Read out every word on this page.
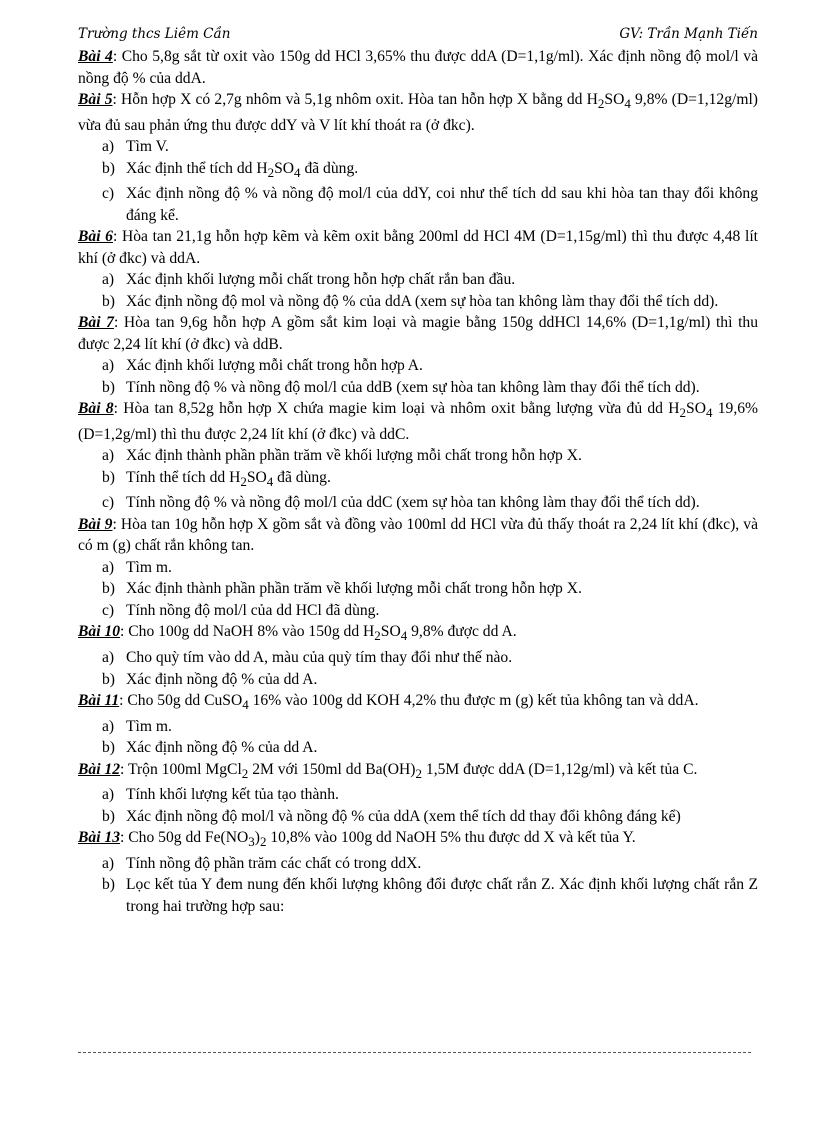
Trường thcs Liêm Cần	GV: Trần Mạnh Tiến

Bài 4: Cho 5,8g sắt từ oxit vào 150g dd HCl 3,65% thu được ddA (D=1,1g/ml). Xác định nồng độ mol/l và nồng độ % của ddA.

Bài 5: Hỗn hợp X có 2,7g nhôm và 5,1g nhôm oxit. Hòa tan hỗn hợp X bằng dd $H_2SO_4$ 9,8% (D=1,12g/ml) vừa đủ sau phản ứng thu được ddY và V lít khí thoát ra (ở đkc).

a) Tìm V.
b) Xác định thể tích dd $H_2SO_4$ đã dùng.
c) Xác định nồng độ % và nồng độ mol/l của ddY, coi như thể tích dd sau khi hòa tan thay đổi không đáng kể.

Bài 6: Hòa tan 21,1g hỗn hợp kẽm và kẽm oxit bằng 200ml dd HCl 4M (D=1,15g/ml) thì thu được 4,48 lít khí (ở đkc) và ddA.

a) Xác định khối lượng mỗi chất trong hỗn hợp chất rắn ban đầu.
b) Xác định nồng độ mol và nồng độ % của ddA (xem sự hòa tan không làm thay đổi thể tích dd).

Bài 7: Hòa tan 9,6g hỗn hợp A gồm sắt kim loại và magie bằng 150g ddHCl 14,6% (D=1,1g/ml) thì thu được 2,24 lít khí (ở đkc) và ddB.

a) Xác định khối lượng mỗi chất trong hỗn hợp A.
b) Tính nồng độ % và nồng độ mol/l của ddB (xem sự hòa tan không làm thay đổi thể tích dd).

Bài 8: Hòa tan 8,52g hỗn hợp X chứa magie kim loại và nhôm oxit bằng lượng vừa đủ dd $H_2SO_4$ 19,6% (D=1,2g/ml) thì thu được 2,24 lít khí (ở đkc) và ddC.

a) Xác định thành phần phần trăm về khối lượng mỗi chất trong hỗn hợp X.
b) Tính thể tích dd $H_2SO_4$ đã dùng.
c) Tính nồng độ % và nồng độ mol/l của ddC (xem sự hòa tan không làm thay đổi thể tích dd).

Bài 9: Hòa tan 10g hỗn hợp X gồm sắt và đồng vào 100ml dd HCl vừa đủ thấy thoát ra 2,24 lít khí (đkc), và có m (g) chất rắn không tan.

a) Tìm m.
b) Xác định thành phần phần trăm về khối lượng mỗi chất trong hỗn hợp X.
c) Tính nồng độ mol/l của dd HCl đã dùng.

Bài 10: Cho 100g dd NaOH 8% vào 150g dd $H_2SO_4$ 9,8% được dd A.

a) Cho quỳ tím vào dd A, màu của quỳ tím thay đổi như thế nào.
b) Xác định nồng độ % của dd A.

Bài 11: Cho 50g dd CuSO$_4$ 16% vào 100g dd KOH 4,2% thu được m (g) kết tủa không tan và ddA.

a) Tìm m.
b) Xác định nồng độ % của dd A.

Bài 12: Trộn 100ml MgCl$_2$ 2M với 150ml dd $Ba(OH)_2$ 1,5M được ddA (D=1,12g/ml) và kết tủa C.

a) Tính khối lượng kết tủa tạo thành.
b) Xác định nồng độ mol/l và nồng độ % của ddA (xem thể tích dd thay đổi không đáng kể)

Bài 13: Cho 50g dd $Fe(NO_3)_2$ 10,8% vào 100g dd NaOH 5% thu được dd X và kết tủa Y.

a) Tính nồng độ phần trăm các chất có trong ddX.
b) Lọc kết tủa Y đem nung đến khối lượng không đổi được chất rắn Z. Xác định khối lượng chất rắn Z trong hai trường hợp sau:
